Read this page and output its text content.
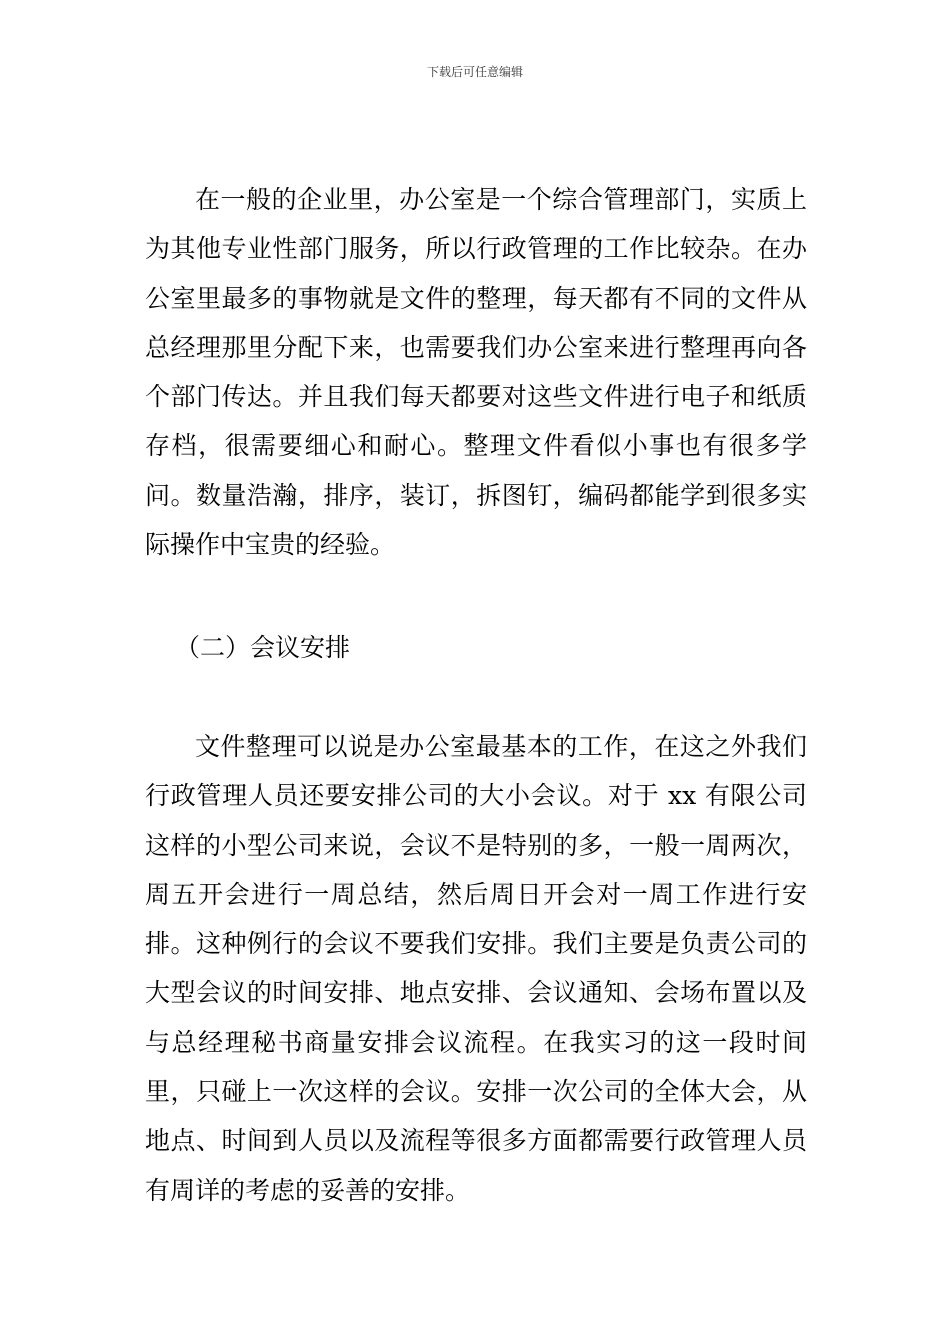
下载后可任意编辑

在一般的企业里，办公室是一个综合管理部门，实质上为其他专业性部门服务，所以行政管理的工作比较杂。在办公室里最多的事物就是文件的整理，每天都有不同的文件从总经理那里分配下来，也需要我们办公室来进行整理再向各个部门传达。并且我们每天都要对这些文件进行电子和纸质存档，很需要细心和耐心。整理文件看似小事也有很多学问。数量浩瀚，排序，装订，拆图钉，编码都能学到很多实际操作中宝贵的经验。

（二）会议安排

文件整理可以说是办公室最基本的工作，在这之外我们行政管理人员还要安排公司的大小会议。对于 xx 有限公司这样的小型公司来说，会议不是特别的多，一般一周两次，周五开会进行一周总结，然后周日开会对一周工作进行安排。这种例行的会议不要我们安排。我们主要是负责公司的大型会议的时间安排、地点安排、会议通知、会场布置以及与总经理秘书商量安排会议流程。在我实习的这一段时间里，只碰上一次这样的会议。安排一次公司的全体大会，从地点、时间到人员以及流程等很多方面都需要行政管理人员有周详的考虑的妥善的安排。
